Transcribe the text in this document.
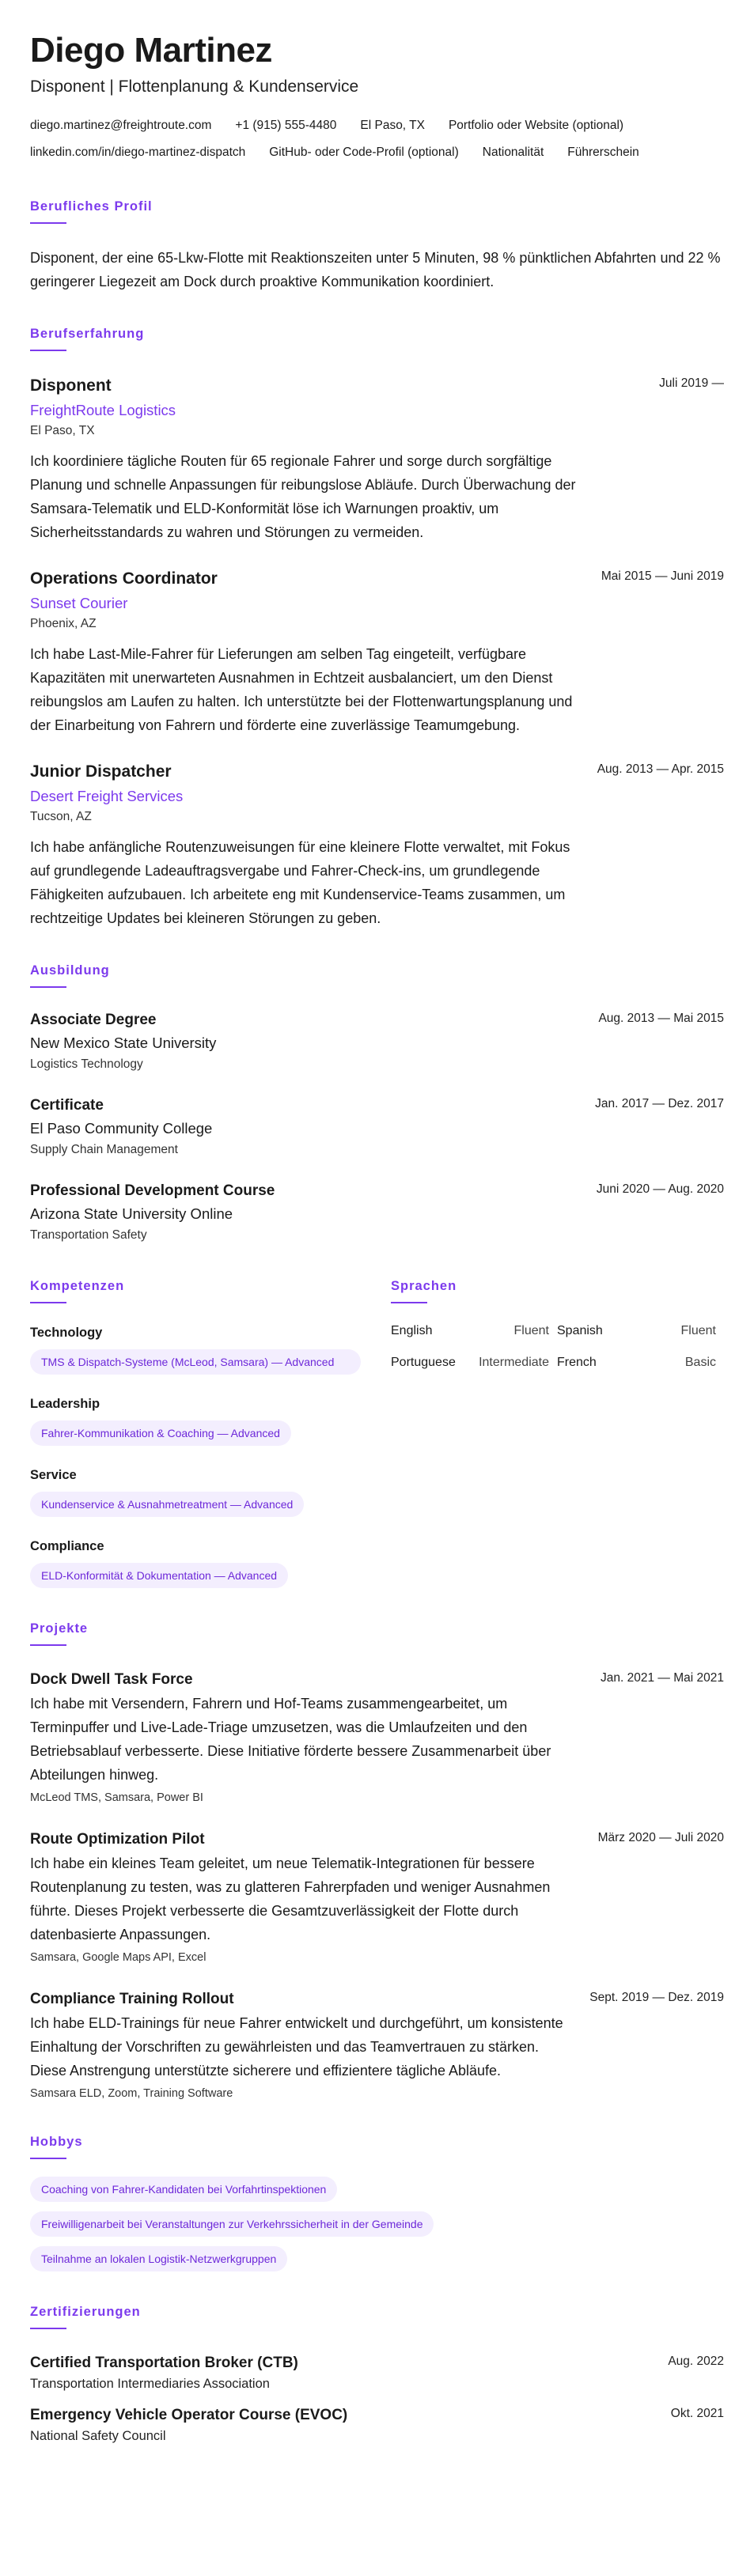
Diego Martinez
Disponent | Flottenplanung & Kundenservice
diego.martinez@freightroute.com +1 (915) 555-4480 El Paso, TX Portfolio oder Website (optional)
linkedin.com/in/diego-martinez-dispatch GitHub- oder Code-Profil (optional) Nationalität Führerschein
Berufliches Profil

Disponent, der eine 65-Lkw-Flotte mit Reaktionszeiten unter 5 Minuten, 98 % pünktlichen Abfahrten und 22 % geringerer Liegezeit am Dock durch proaktive Kommunikation koordiniert.

Berufserfahrung
Juli 2019 —
Disponent
FreightRoute Logistics
El Paso, TX

Ich koordiniere tägliche Routen für 65 regionale Fahrer und sorge durch sorgfältige Planung und schnelle Anpassungen für reibungslose Abläufe. Durch Überwachung der Samsara-Telematik und ELD-Konformität löse ich Warnungen proaktiv, um Sicherheitsstandards zu wahren und Störungen zu vermeiden.

Mai 2015 — Juni 2019
Operations Coordinator
Sunset Courier
Phoenix, AZ

Ich habe Last-Mile-Fahrer für Lieferungen am selben Tag eingeteilt, verfügbare Kapazitäten mit unerwarteten Ausnahmen in Echtzeit ausbalanciert, um den Dienst reibungslos am Laufen zu halten. Ich unterstützte bei der Flottenwartungsplanung und der Einarbeitung von Fahrern und förderte eine zuverlässige Teamumgebung.

Aug. 2013 — Apr. 2015
Junior Dispatcher
Desert Freight Services
Tucson, AZ

Ich habe anfängliche Routenzuweisungen für eine kleinere Flotte verwaltet, mit Fokus auf grundlegende Ladeauftragsvergabe und Fahrer-Check-ins, um grundlegende Fähigkeiten aufzubauen. Ich arbeitete eng mit Kundenservice-Teams zusammen, um rechtzeitige Updates bei kleineren Störungen zu geben.

Ausbildung
Aug. 2013 — Mai 2015
Associate Degree
New Mexico State University
Logistics Technology
Jan. 2017 — Dez. 2017
Certificate
El Paso Community College
Supply Chain Management
Juni 2020 — Aug. 2020
Professional Development Course
Arizona State University Online
Transportation Safety
Kompetenzen
Technology
TMS & Dispatch-Systeme (McLeod, Samsara) — Advanced
Leadership
Fahrer-Kommunikation & Coaching — Advanced
Service
Kundenservice & Ausnahmetreatment — Advanced
Compliance
ELD-Konformität & Dokumentation — Advanced
Sprachen
English	Fluent Spanish	Fluent
Portuguese	Intermediate French	Basic
Projekte
Jan. 2021 — Mai 2021
Dock Dwell Task Force

Ich habe mit Versendern, Fahrern und Hof-Teams zusammengearbeitet, um Terminpuffer und Live-Lade-Triage umzusetzen, was die Umlaufzeiten und den Betriebsablauf verbesserte. Diese Initiative förderte bessere Zusammenarbeit über Abteilungen hinweg.

McLeod TMS, Samsara, Power BI
März 2020 — Juli 2020
Route Optimization Pilot

Ich habe ein kleines Team geleitet, um neue Telematik-Integrationen für bessere Routenplanung zu testen, was zu glatteren Fahrerpfaden und weniger Ausnahmen führte. Dieses Projekt verbesserte die Gesamtzuverlässigkeit der Flotte durch datenbasierte Anpassungen.

Samsara, Google Maps API, Excel
Sept. 2019 — Dez. 2019
Compliance Training Rollout

Ich habe ELD-Trainings für neue Fahrer entwickelt und durchgeführt, um konsistente Einhaltung der Vorschriften zu gewährleisten und das Teamvertrauen zu stärken. Diese Anstrengung unterstützte sicherere und effizientere tägliche Abläufe.

Samsara ELD, Zoom, Training Software
Hobbys
Coaching von Fahrer-Kandidaten bei Vorfahrtinspektionen
Freiwilligenarbeit bei Veranstaltungen zur Verkehrssicherheit in der Gemeinde
Teilnahme an lokalen Logistik-Netzwerkgruppen
Zertifizierungen
Aug. 2022
Certified Transportation Broker (CTB)
Transportation Intermediaries Association
Okt. 2021
Emergency Vehicle Operator Course (EVOC)
National Safety Council
